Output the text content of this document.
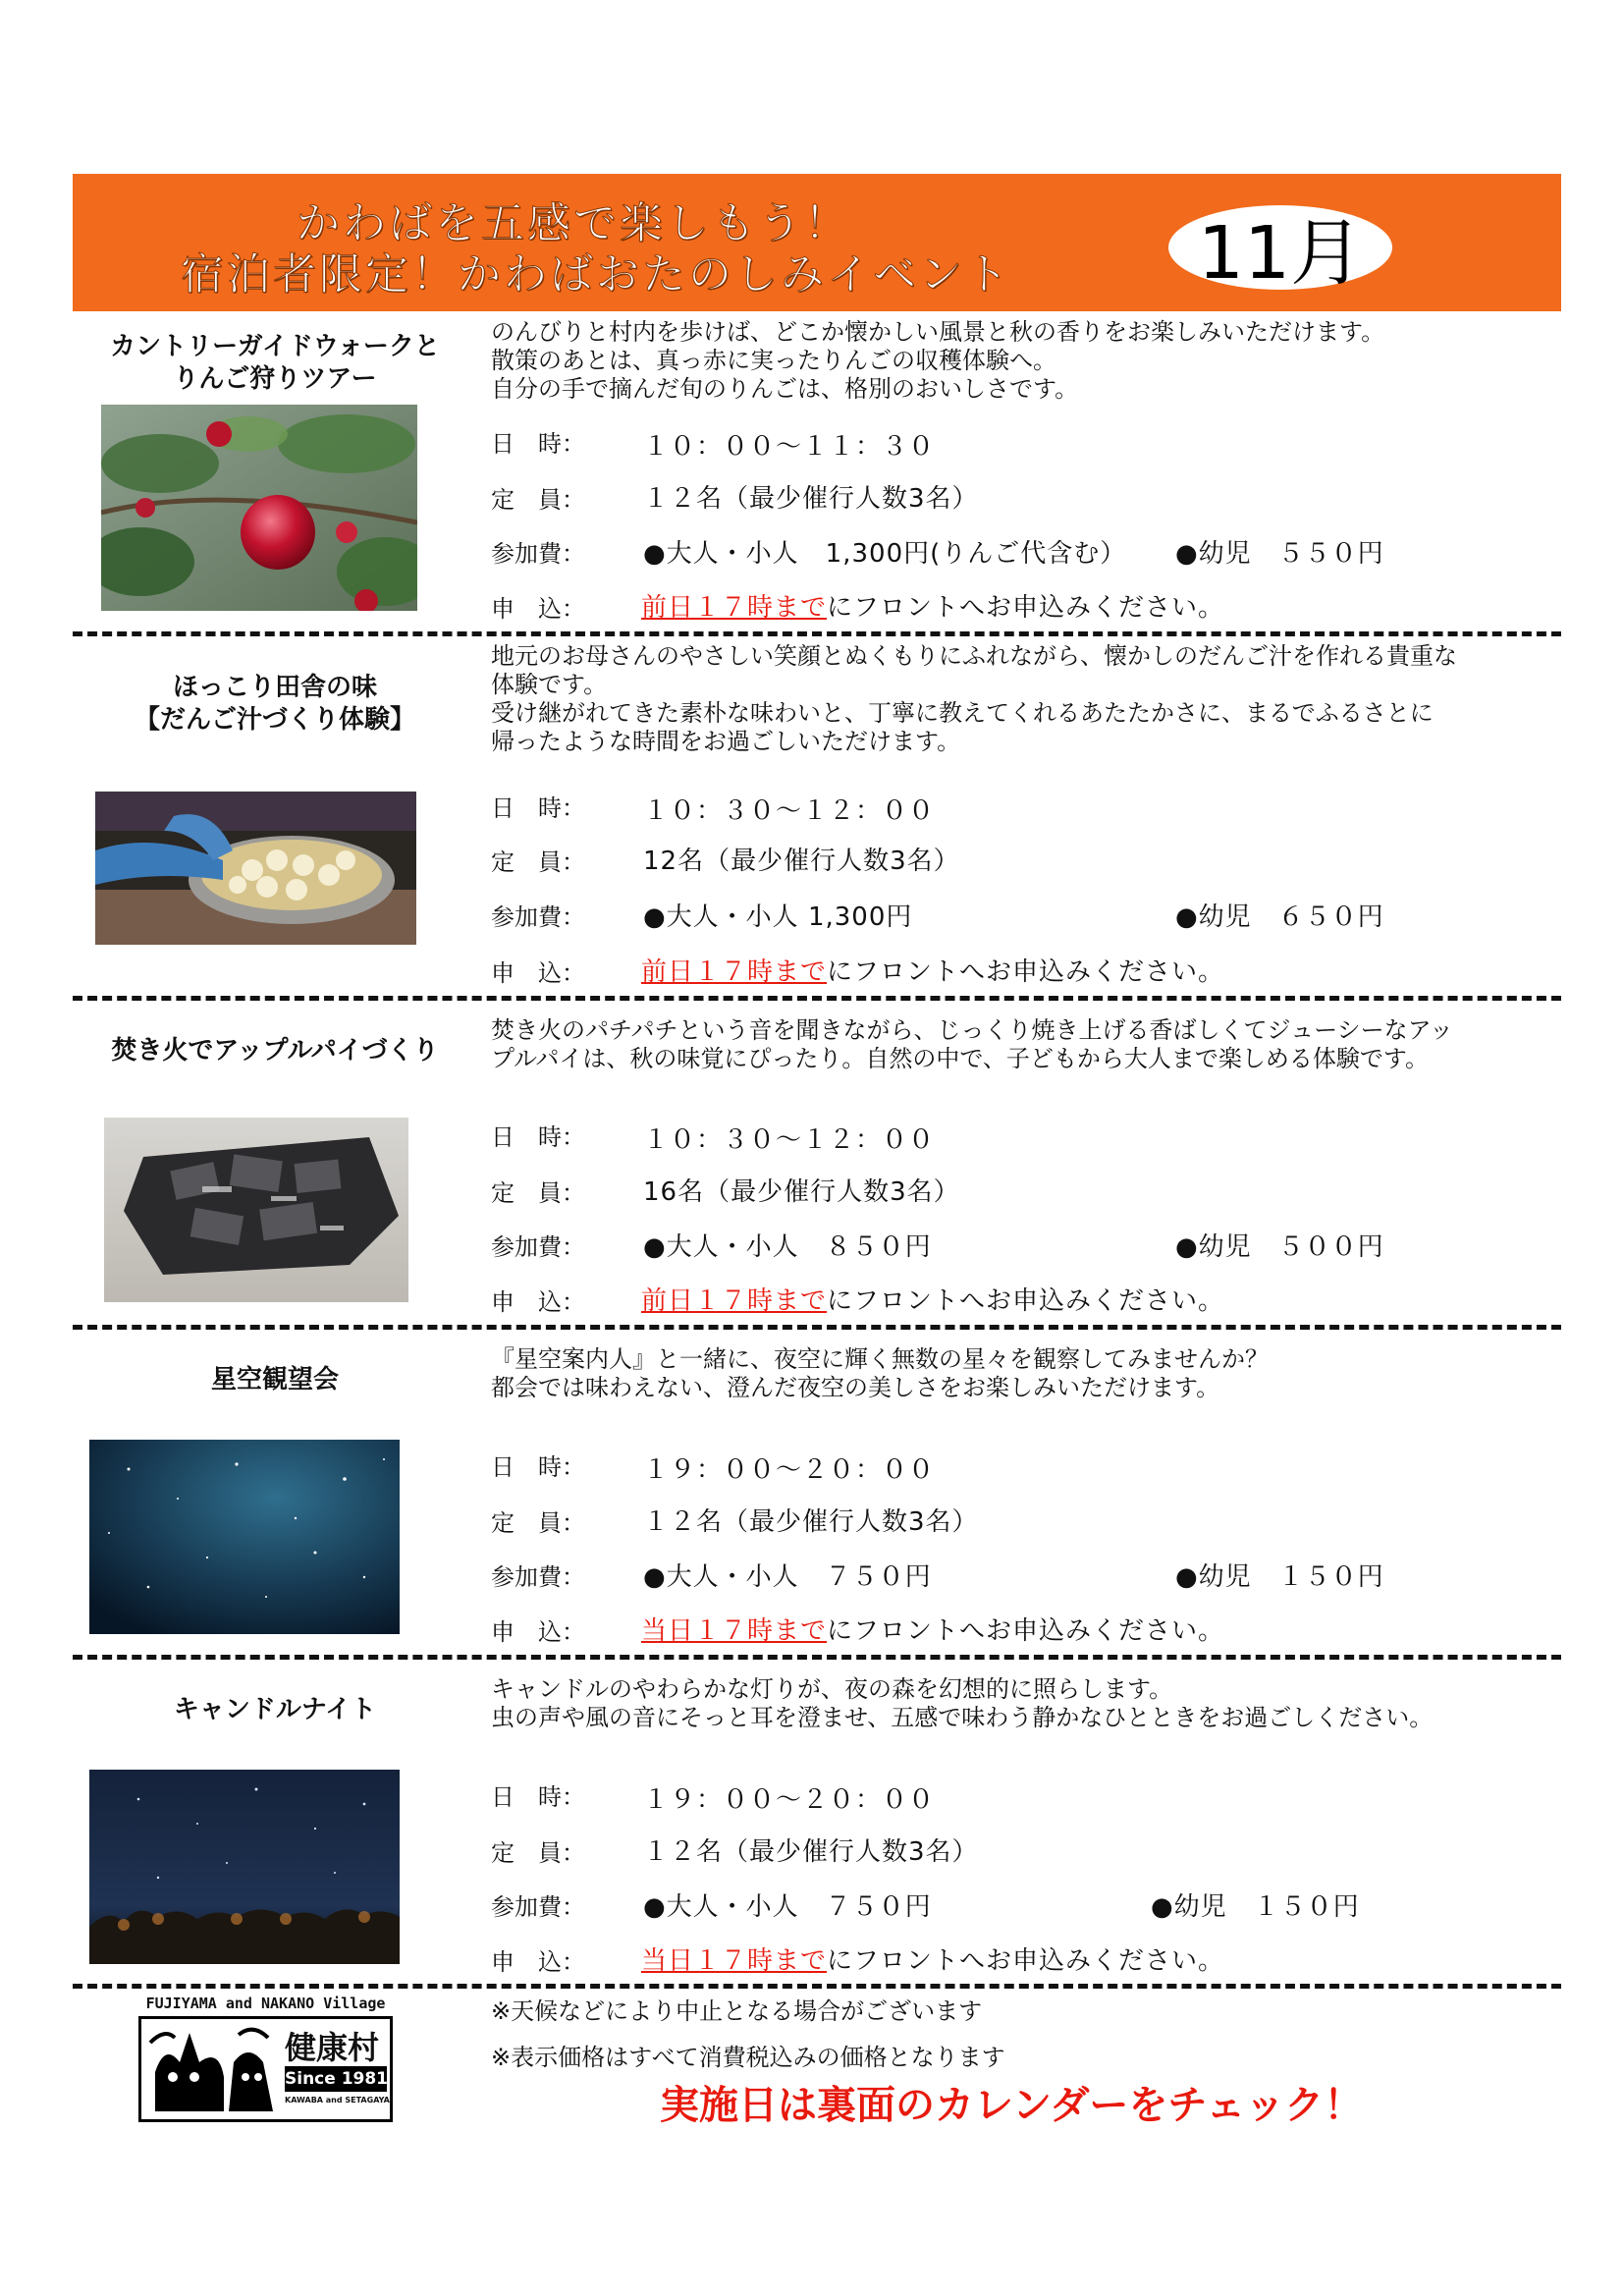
かわばを五感で楽しもう！
宿泊者限定！かわばおたのしみイベント	11月
カントリーガイドウォークと
りんご狩りツアー
のんびりと村内を歩けば、どこか懐かしい風景と秋の香りをお楽しみいただけます。
散策のあとは、真っ赤に実ったりんごの収穫体験へ。
自分の手で摘んだ旬のりんごは、格別のおいしさです。
日　時： １０：００～１１：３０
定　員： １２名（最少催行人数3名）
参加費： ●大人・小人　1,300円(りんご代含む） ●幼児　５５０円
申　込： 前日１７時までにフロントへお申込みください。
ほっこり田舎の味
【だんご汁づくり体験】
地元のお母さんのやさしい笑顔とぬくもりにふれながら、懐かしのだんご汁を作れる貴重な
体験です。
受け継がれてきた素朴な味わいと、丁寧に教えてくれるあたたかさに、まるでふるさとに
帰ったような時間をお過ごしいただけます。
日　時： １０：３０～１２：００
定　員： 12名（最少催行人数3名）
参加費： ●大人・小人 1,300円	●幼児　６５０円
申　込： 前日１７時までにフロントへお申込みください。
焚き火でアップルパイづくり
焚き火のパチパチという音を聞きながら、じっくり焼き上げる香ばしくてジューシーなアッ
プルパイは、秋の味覚にぴったり。自然の中で、子どもから大人まで楽しめる体験です。
日　時： １０：３０～１２：００
定　員： 16名（最少催行人数3名）
参加費： ●大人・小人　８５０円	●幼児　５００円
申　込： 前日１７時までにフロントへお申込みください。
星空観望会
『星空案内人』と一緒に、夜空に輝く無数の星々を観察してみませんか？
都会では味わえない、澄んだ夜空の美しさをお楽しみいただけます。
日　時： １９：００～２０：００
定　員： １２名（最少催行人数3名）
参加費： ●大人・小人　７５０円	●幼児　１５０円
申　込： 当日１７時までにフロントへお申込みください。
キャンドルナイト
キャンドルのやわらかな灯りが、夜の森を幻想的に照らします。
虫の声や風の音にそっと耳を澄ませ、五感で味わう静かなひとときをお過ごしください。
日　時： １９：００～２０：００
定　員： １２名（最少催行人数3名）
参加費： ●大人・小人　７５０円	●幼児　１５０円
申　込： 当日１７時までにフロントへお申込みください。
FUJIYAMA and NAKANO Village
健康村
Since 1981
KAWABA and SETAGAYA
※天候などにより中止となる場合がございます
※表示価格はすべて消費税込みの価格となります
実施日は裏面のカレンダーをチェック！
